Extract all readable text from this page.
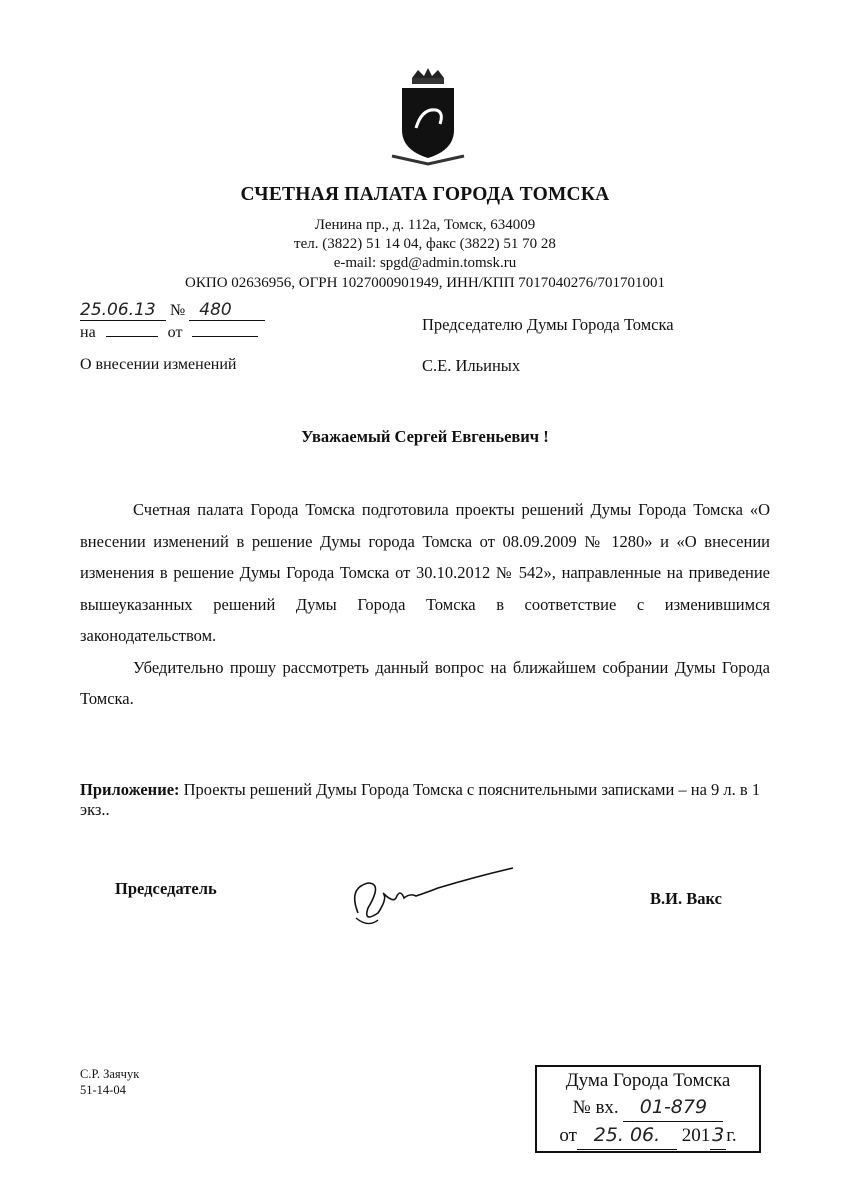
СЧЕТНАЯ ПАЛАТА ГОРОДА ТОМСКА
Ленина пр., д. 112а, Томск, 634009
тел. (3822) 51 14 04, факс (3822) 51 70 28
e-mail: spgd@admin.tomsk.ru
ОКПО 02636956, ОГРН 1027000901949, ИНН/КПП 7017040276/701701001
25.06.13 № 480
на	от
О внесении изменений
Председателю Думы Города Томска
С.Е. Ильиных
Уважаемый Сергей Евгеньевич !

Счетная палата Города Томска подготовила проекты решений Думы Города Томска «О внесении изменений в решение Думы города Томска от 08.09.2009 № 1280» и «О внесении изменения в решение Думы Города Томска от 30.10.2012 № 542», направленные на приведение вышеуказанных решений Думы Города Томска в соответствие с изменившимся законодательством.

Убедительно прошу рассмотреть данный вопрос на ближайшем собрании Думы Города Томска.

Приложение: Проекты решений Думы Города Томска с пояснительными записками – на 9 л. в 1 экз..
Председатель
В.И. Вакс
С.Р. Заячук
51-14-04	Дума Города Томска
№ вх. 01-879
от 25. 06. 201 3 г.
